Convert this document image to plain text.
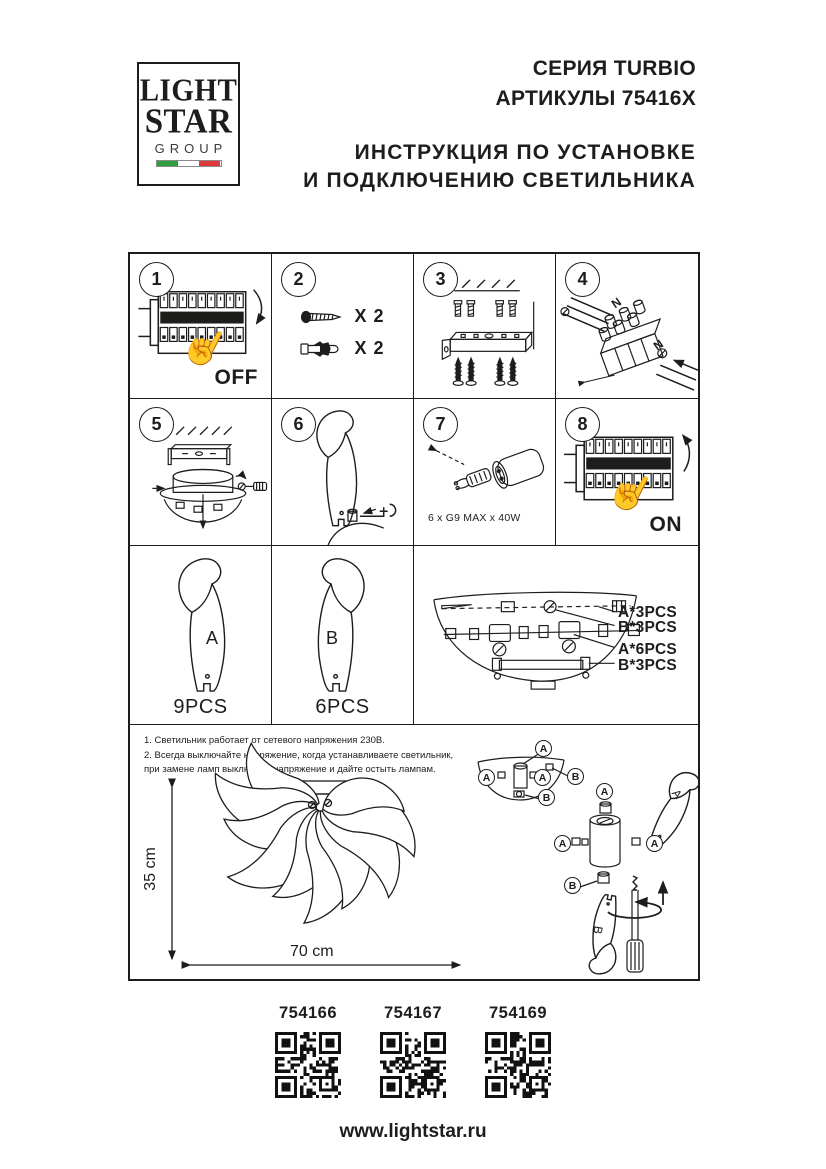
LIGHT
STAR
GROUP
СЕРИЯ TURBIO
АРТИКУЛЫ 75416X
ИНСТРУКЦИЯ ПО УСТАНОВКЕ
И ПОДКЛЮЧЕНИЮ СВЕТИЛЬНИКА
1
☝
OFF
2
X 2
X 2
3	4
N
N
5	6	7
6 x G9 MAX x 40W
8
☝
ON
A
9PCS
B
6PCS
A*3PCS
B*3PCS
A*6PCS
B*3PCS
1. Светильник работает от сетевого напряжения 230В.
2. Всегда выключайте напряжение, когда устанавливаете светильник,
при замене ламп выключите напряжение и дайте остыть лампам.
35 cm
70 cm
A
B
A	A
B	A
A	A
B
A
B
754166	754167	754169
www.lightstar.ru
